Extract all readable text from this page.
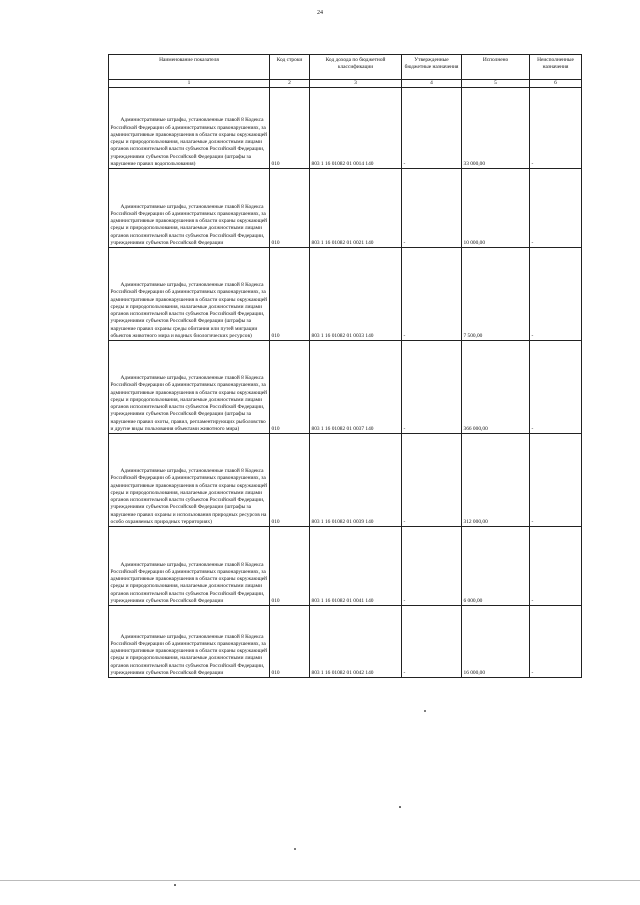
24
Наименование показателя	Код строки	Код дохода по бюджетной классификации	Утвержденные бюджетные назначения	Исполнено	Неисполненные назначения
1	2	3	4	5	6

Административные штрафы, установленные главой 8 Кодекса Российской Федерации об административных правонарушениях, за административные правонарушения в области охраны окружающей среды и природопользования, налагаемые должностными лицами органов исполнительной власти субъектов Российской Федерации, учреждениями субъектов Российской Федерации (штрафы за нарушение правил водопользования)	010	803 1 16 01082 01 0014 140	-	33 000,00	-

Административные штрафы, установленные главой 8 Кодекса Российской Федерации об административных правонарушениях, за административные правонарушения в области охраны окружающей среды и природопользования, налагаемые должностными лицами органов исполнительной власти субъектов Российской Федерации, учреждениями субъектов Российской Федерации	010	803 1 16 01082 01 0021 140	-	10 000,00	-

Административные штрафы, установленные главой 8 Кодекса Российской Федерации об административных правонарушениях, за административные правонарушения в области охраны окружающей среды и природопользования, налагаемые должностными лицами органов исполнительной власти субъектов Российской Федерации, учреждениями субъектов Российской Федерации (штрафы за нарушение правил охраны среды обитания или путей миграции объектов животного мира и водных биологических ресурсов)	010	803 1 16 01082 01 0033 140	-	7 500,00	-

Административные штрафы, установленные главой 8 Кодекса Российской Федерации об административных правонарушениях, за административные правонарушения в области охраны окружающей среды и природопользования, налагаемые должностными лицами органов исполнительной власти субъектов Российской Федерации, учреждениями субъектов Российской Федерации (штрафы за нарушение правил охоты, правил, регламентирующих рыболовство и другие виды пользования объектами животного мира)	010	803 1 16 01082 01 0037 140	-	366 000,00	-

Административные штрафы, установленные главой 8 Кодекса Российской Федерации об административных правонарушениях, за административные правонарушения в области охраны окружающей среды и природопользования, налагаемые должностными лицами органов исполнительной власти субъектов Российской Федерации, учреждениями субъектов Российской Федерации (штрафы за нарушение правил охраны и использования природных ресурсов на особо охраняемых природных территориях)	010	803 1 16 01082 01 0039 140	-	312 000,00	-

Административные штрафы, установленные главой 8 Кодекса Российской Федерации об административных правонарушениях, за административные правонарушения в области охраны окружающей среды и природопользования, налагаемые должностными лицами органов исполнительной власти субъектов Российской Федерации, учреждениями субъектов Российской Федерации	010	803 1 16 01082 01 0041 140	-	6 000,00	-

Административные штрафы, установленные главой 8 Кодекса Российской Федерации об административных правонарушениях, за административные правонарушения в области охраны окружающей среды и природопользования, налагаемые должностными лицами органов исполнительной власти субъектов Российской Федерации, учреждениями субъектов Российской Федерации	010	803 1 16 01082 01 0042 140	-	16 000,00	-
